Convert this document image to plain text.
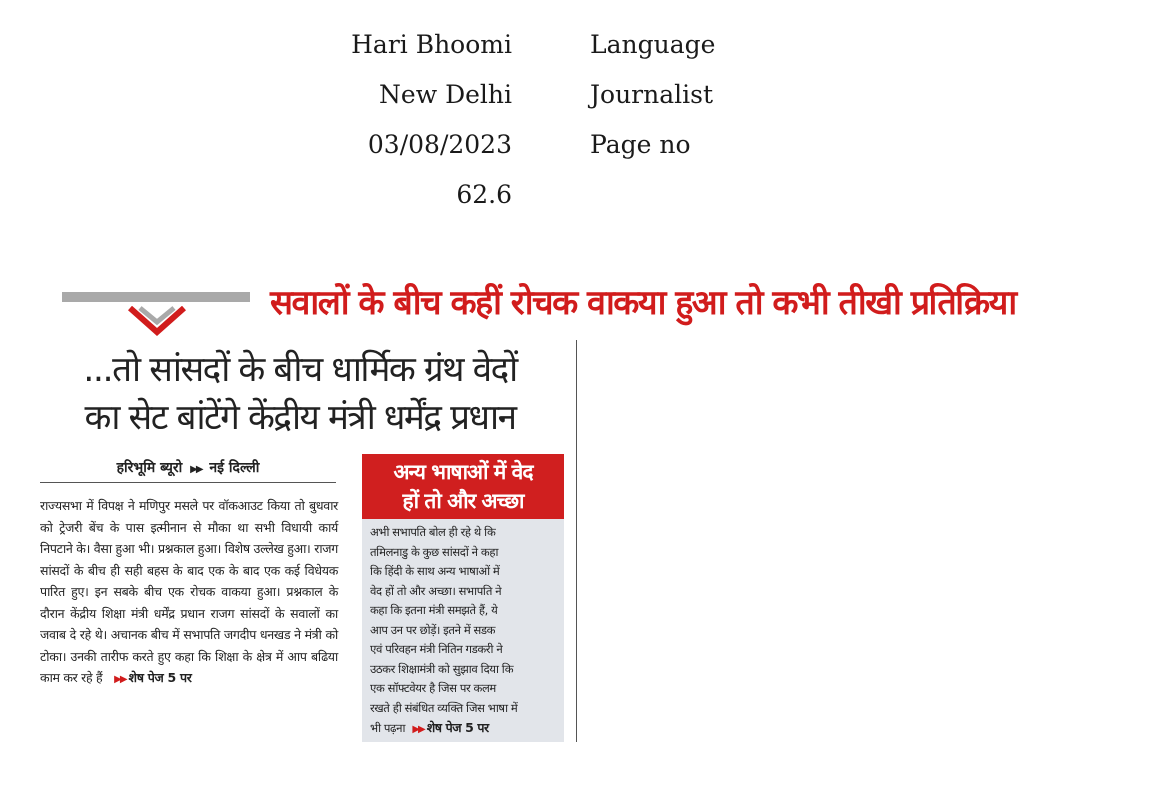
Hari Bhoomi
New Delhi
03/08/2023
62.6
Language
Journalist
Page no
सवालों के बीच कहीं रोचक वाकया हुआ तो कभी तीखी प्रतिक्रिया
...तो सांसदों के बीच धार्मिक ग्रंथ वेदों
का सेट बांटेंगे केंद्रीय मंत्री धर्मेंद्र प्रधान
हरिभूमि ब्यूरो ▶▶ नई दिल्ली
राज्यसभा में विपक्ष ने मणिपुर मसले पर वॉकआउट किया तो बुधवार को ट्रेजरी बेंच के पास इत्मीनान से मौका था सभी विधायी कार्य निपटाने के। वैसा हुआ भी। प्रश्नकाल हुआ। विशेष उल्लेख हुआ। राजग सांसदों के बीच ही सही बहस के बाद एक के बाद एक कई विधेयक पारित हुए। इन सबके बीच एक रोचक वाकया हुआ। प्रश्नकाल के दौरान केंद्रीय शिक्षा मंत्री धर्मेंद्र प्रधान राजग सांसदों के सवालों का जवाब दे रहे थे। अचानक बीच में सभापति जगदीप धनखड ने मंत्री को टोका। उनकी तारीफ करते हुए कहा कि शिक्षा के क्षेत्र में आप बढिया काम कर रहे हैं ▶▶ शेष पेज 5 पर
अन्य भाषाओं में वेद
हों तो और अच्छा
अभी सभापति बोल ही रहे थे कि
तमिलनाडु के कुछ सांसदों ने कहा
कि हिंदी के साथ अन्य भाषाओं में
वेद हों तो और अच्छा। सभापति ने
कहा कि इतना मंत्री समझते हैं, ये
आप उन पर छोड़ें। इतने में सडक
एवं परिवहन मंत्री नितिन गडकरी ने
उठकर शिक्षामंत्री को सुझाव दिया कि
एक सॉफ्टवेयर है जिस पर कलम
रखते ही संबंधित व्यक्ति जिस भाषा में
भी पढ़ना ▶▶ शेष पेज 5 पर
